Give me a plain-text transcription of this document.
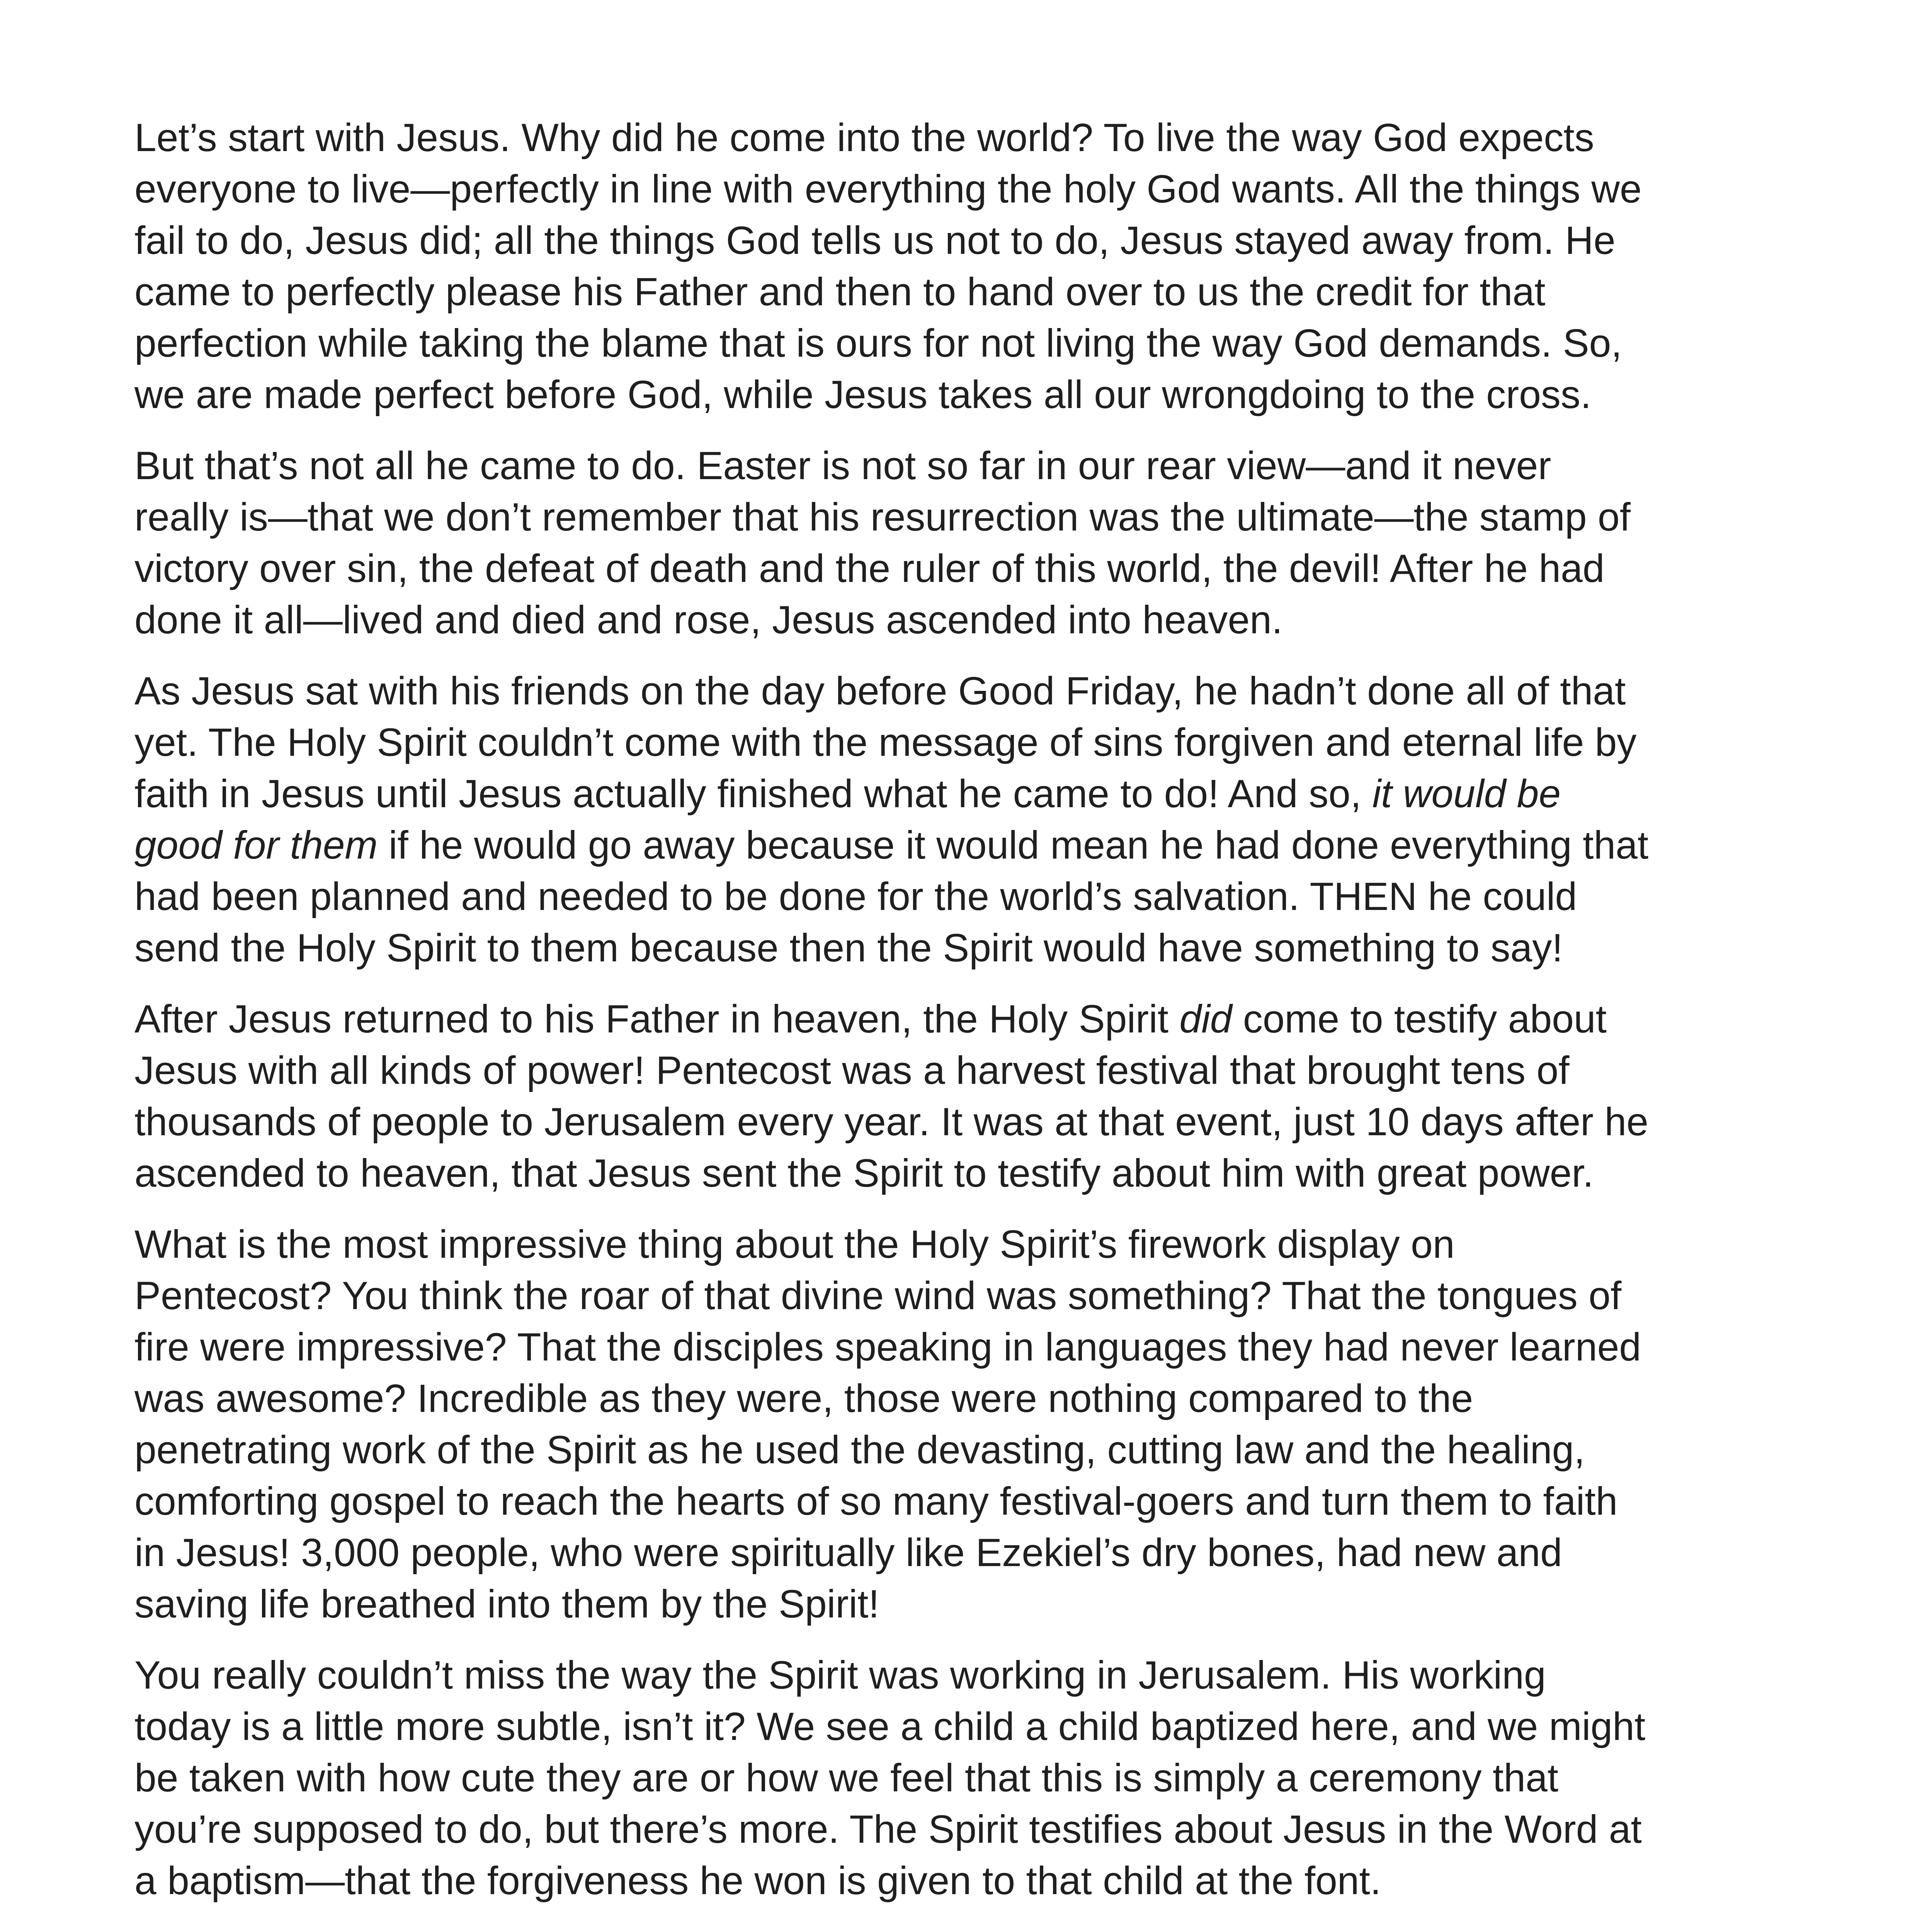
Let’s start with Jesus. Why did he come into the world? To live the way God expects
everyone to live—perfectly in line with everything the holy God wants. All the things we
fail to do, Jesus did; all the things God tells us not to do, Jesus stayed away from. He
came to perfectly please his Father and then to hand over to us the credit for that
perfection while taking the blame that is ours for not living the way God demands. So,
we are made perfect before God, while Jesus takes all our wrongdoing to the cross.

But that’s not all he came to do. Easter is not so far in our rear view—and it never
really is—that we don’t remember that his resurrection was the ultimate—the stamp of
victory over sin, the defeat of death and the ruler of this world, the devil! After he had
done it all—lived and died and rose, Jesus ascended into heaven.

As Jesus sat with his friends on the day before Good Friday, he hadn’t done all of that
yet. The Holy Spirit couldn’t come with the message of sins forgiven and eternal life by
faith in Jesus until Jesus actually finished what he came to do! And so, it would be
good for them if he would go away because it would mean he had done everything that
had been planned and needed to be done for the world’s salvation. THEN he could
send the Holy Spirit to them because then the Spirit would have something to say!

After Jesus returned to his Father in heaven, the Holy Spirit did come to testify about
Jesus with all kinds of power! Pentecost was a harvest festival that brought tens of
thousands of people to Jerusalem every year. It was at that event, just 10 days after he
ascended to heaven, that Jesus sent the Spirit to testify about him with great power.

What is the most impressive thing about the Holy Spirit’s firework display on
Pentecost? You think the roar of that divine wind was something? That the tongues of
fire were impressive? That the disciples speaking in languages they had never learned
was awesome? Incredible as they were, those were nothing compared to the
penetrating work of the Spirit as he used the devasting, cutting law and the healing,
comforting gospel to reach the hearts of so many festival-goers and turn them to faith
in Jesus! 3,000 people, who were spiritually like Ezekiel’s dry bones, had new and
saving life breathed into them by the Spirit!

You really couldn’t miss the way the Spirit was working in Jerusalem. His working
today is a little more subtle, isn’t it? We see a child a child baptized here, and we might
be taken with how cute they are or how we feel that this is simply a ceremony that
you’re supposed to do, but there’s more. The Spirit testifies about Jesus in the Word at
a baptism—that the forgiveness he won is given to that child at the font.
